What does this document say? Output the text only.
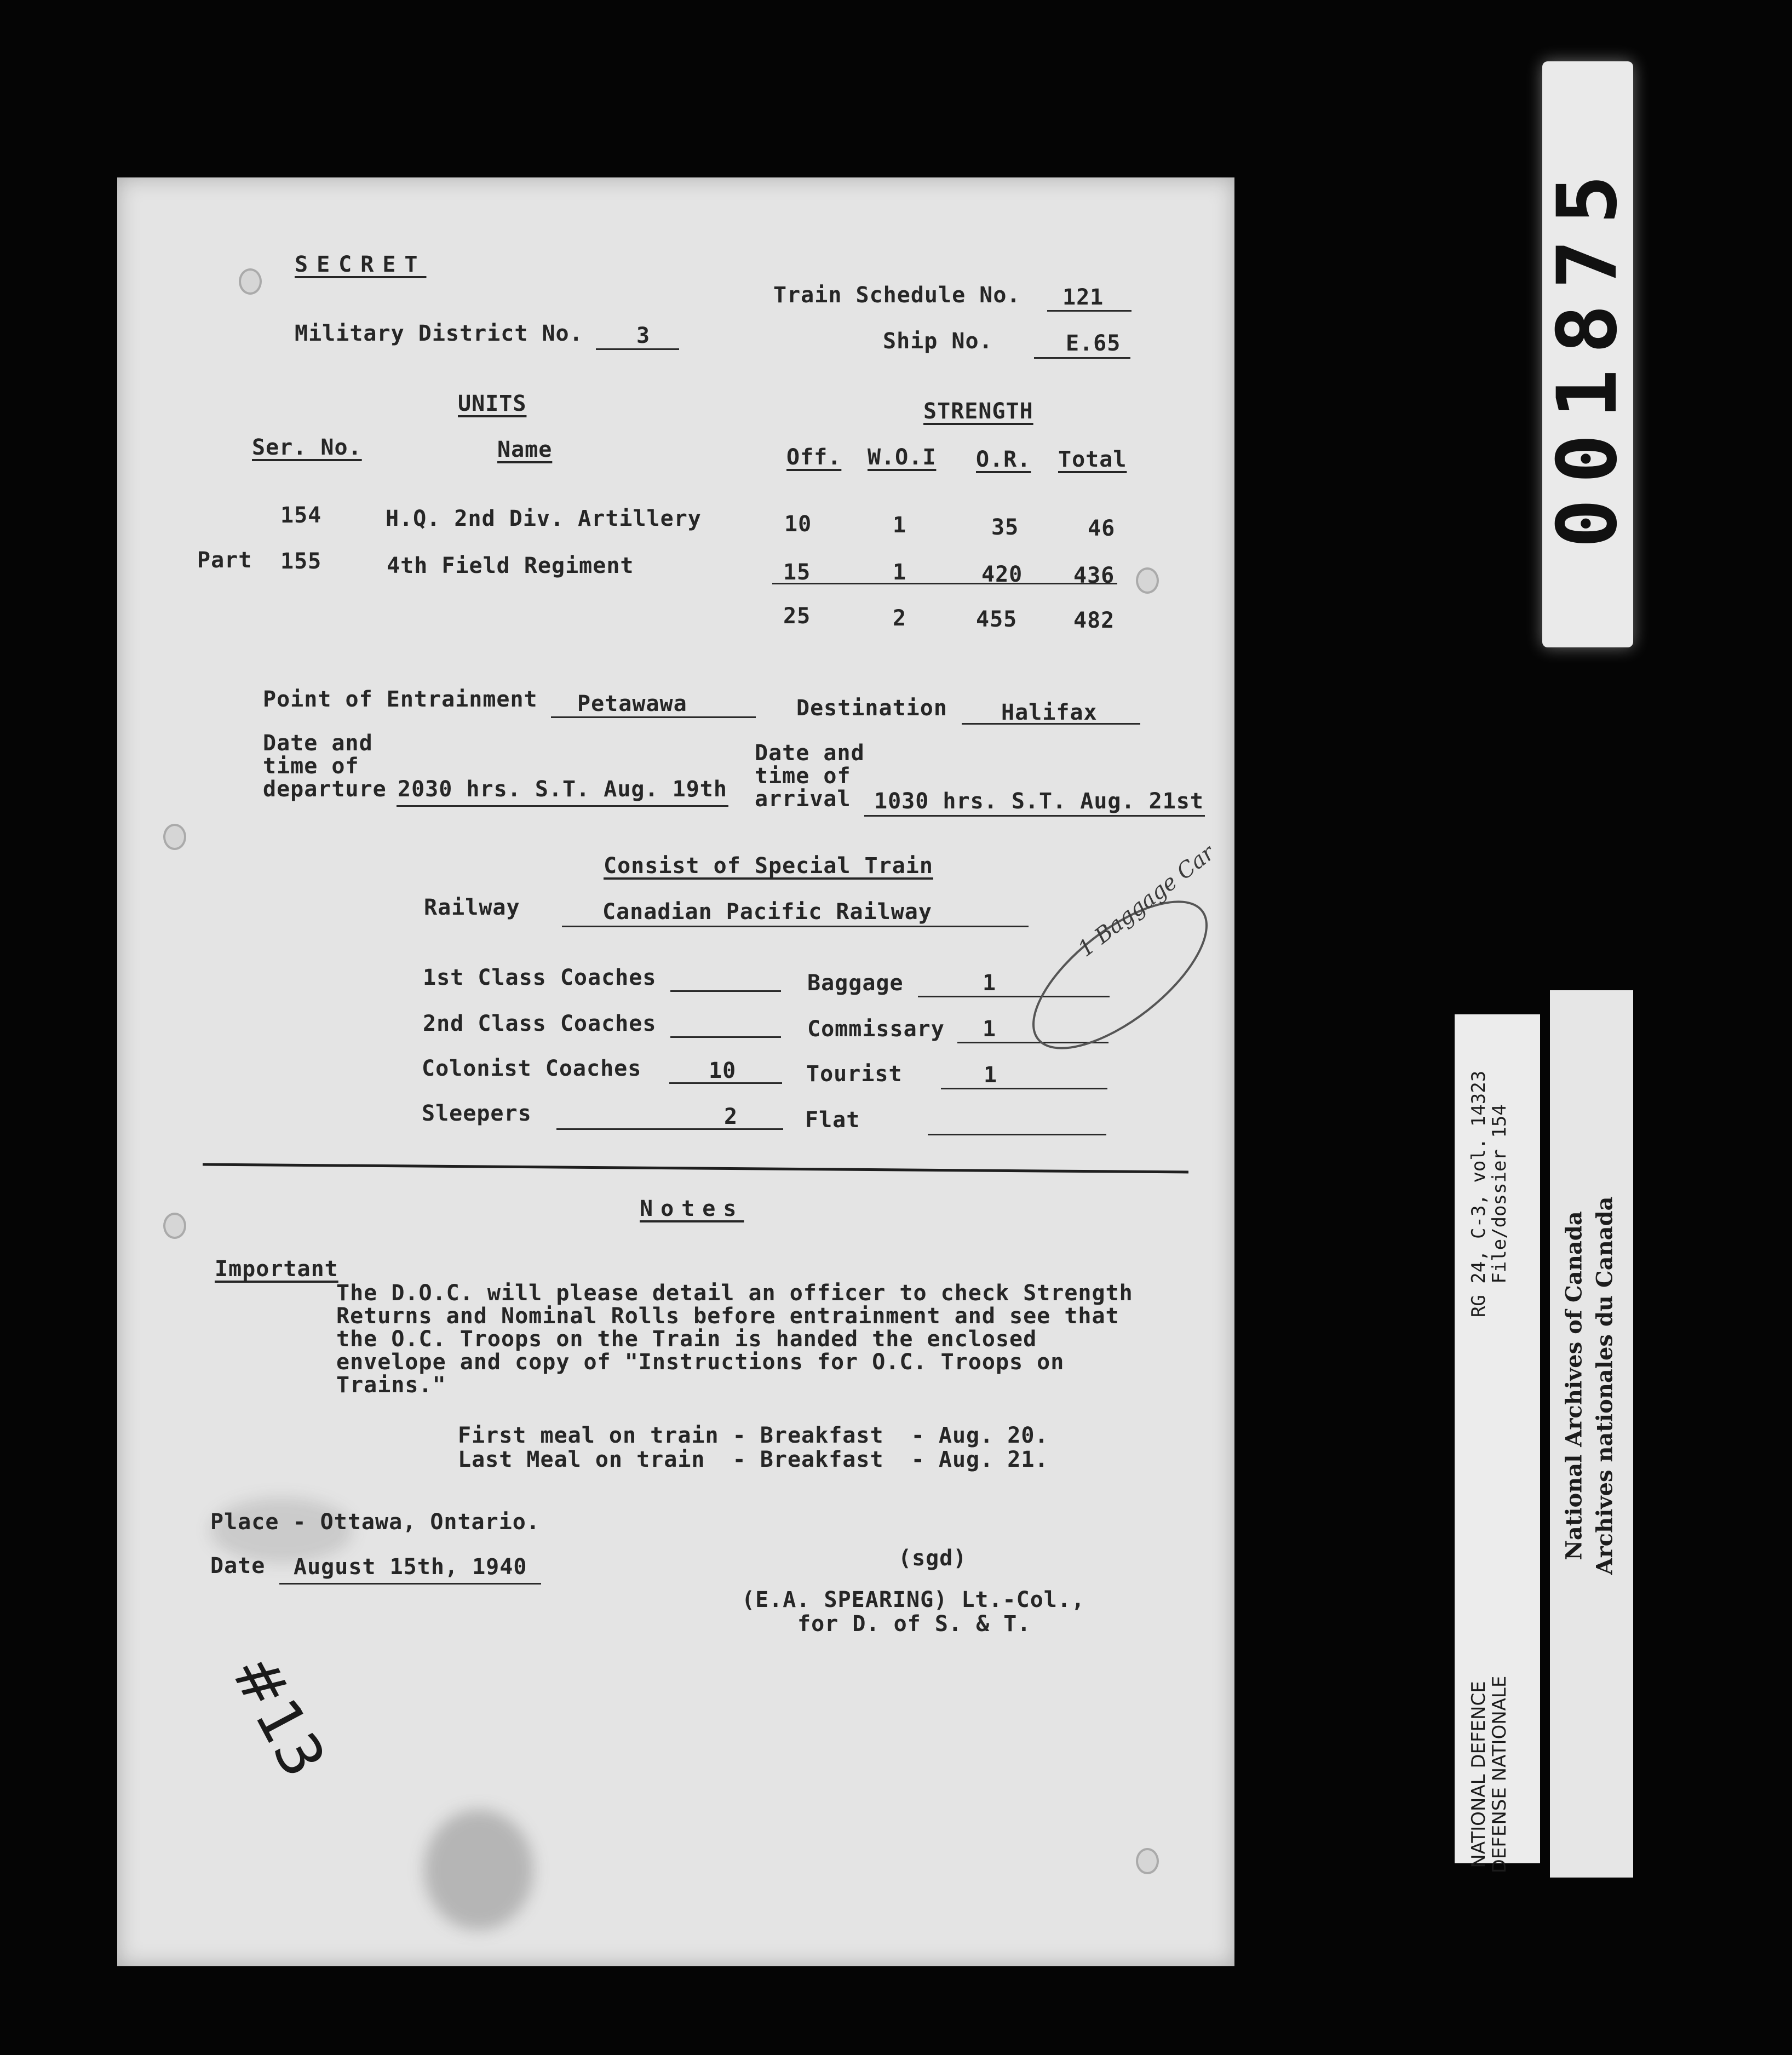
SECRET
Train Schedule No. 121
Military District No. 3	Ship No.	E.65
UNITS	STRENGTH
Ser. No.	Name	Off. W.O.I O.R. Total
154	H.Q. 2nd Div. Artillery	10	1	35	46
Part 155	4th Field Regiment	15	1	420 436
25	2	455	482
Point of Entrainment Petawawa	Destination Halifax
Date and
time of
departure 2030 hrs. S.T. Aug. 19th
Date and
time of
arrival 1030 hrs. S.T. Aug. 21st
Consist of Special Train
Railway	Canadian Pacific Railway
1st Class Coaches	Baggage	1
2nd Class Coaches	Commissary 1
Colonist Coaches	10	Tourist	1
Sleepers	2	Flat
1 Baggage Car
Notes
Important
The D.O.C. will please detail an officer to check Strength
Returns and Nominal Rolls before entrainment and see that
the O.C. Troops on the Train is handed the enclosed
envelope and copy of "Instructions for O.C. Troops on
Trains."
First meal on train - Breakfast  - Aug. 20.
Last Meal on train  - Breakfast  - Aug. 21.
Place - Ottawa, Ontario.
Date August 15th, 1940	(sgd)
(E.A. SPEARING) Lt.-Col.,
for D. of S. & T.
#13
001875
NATIONAL DEFENCE
DEFENSE NATIONALE
RG 24, C-3, vol. 14323
File/dossier 154
National Archives of Canada Archives nationales du Canada
